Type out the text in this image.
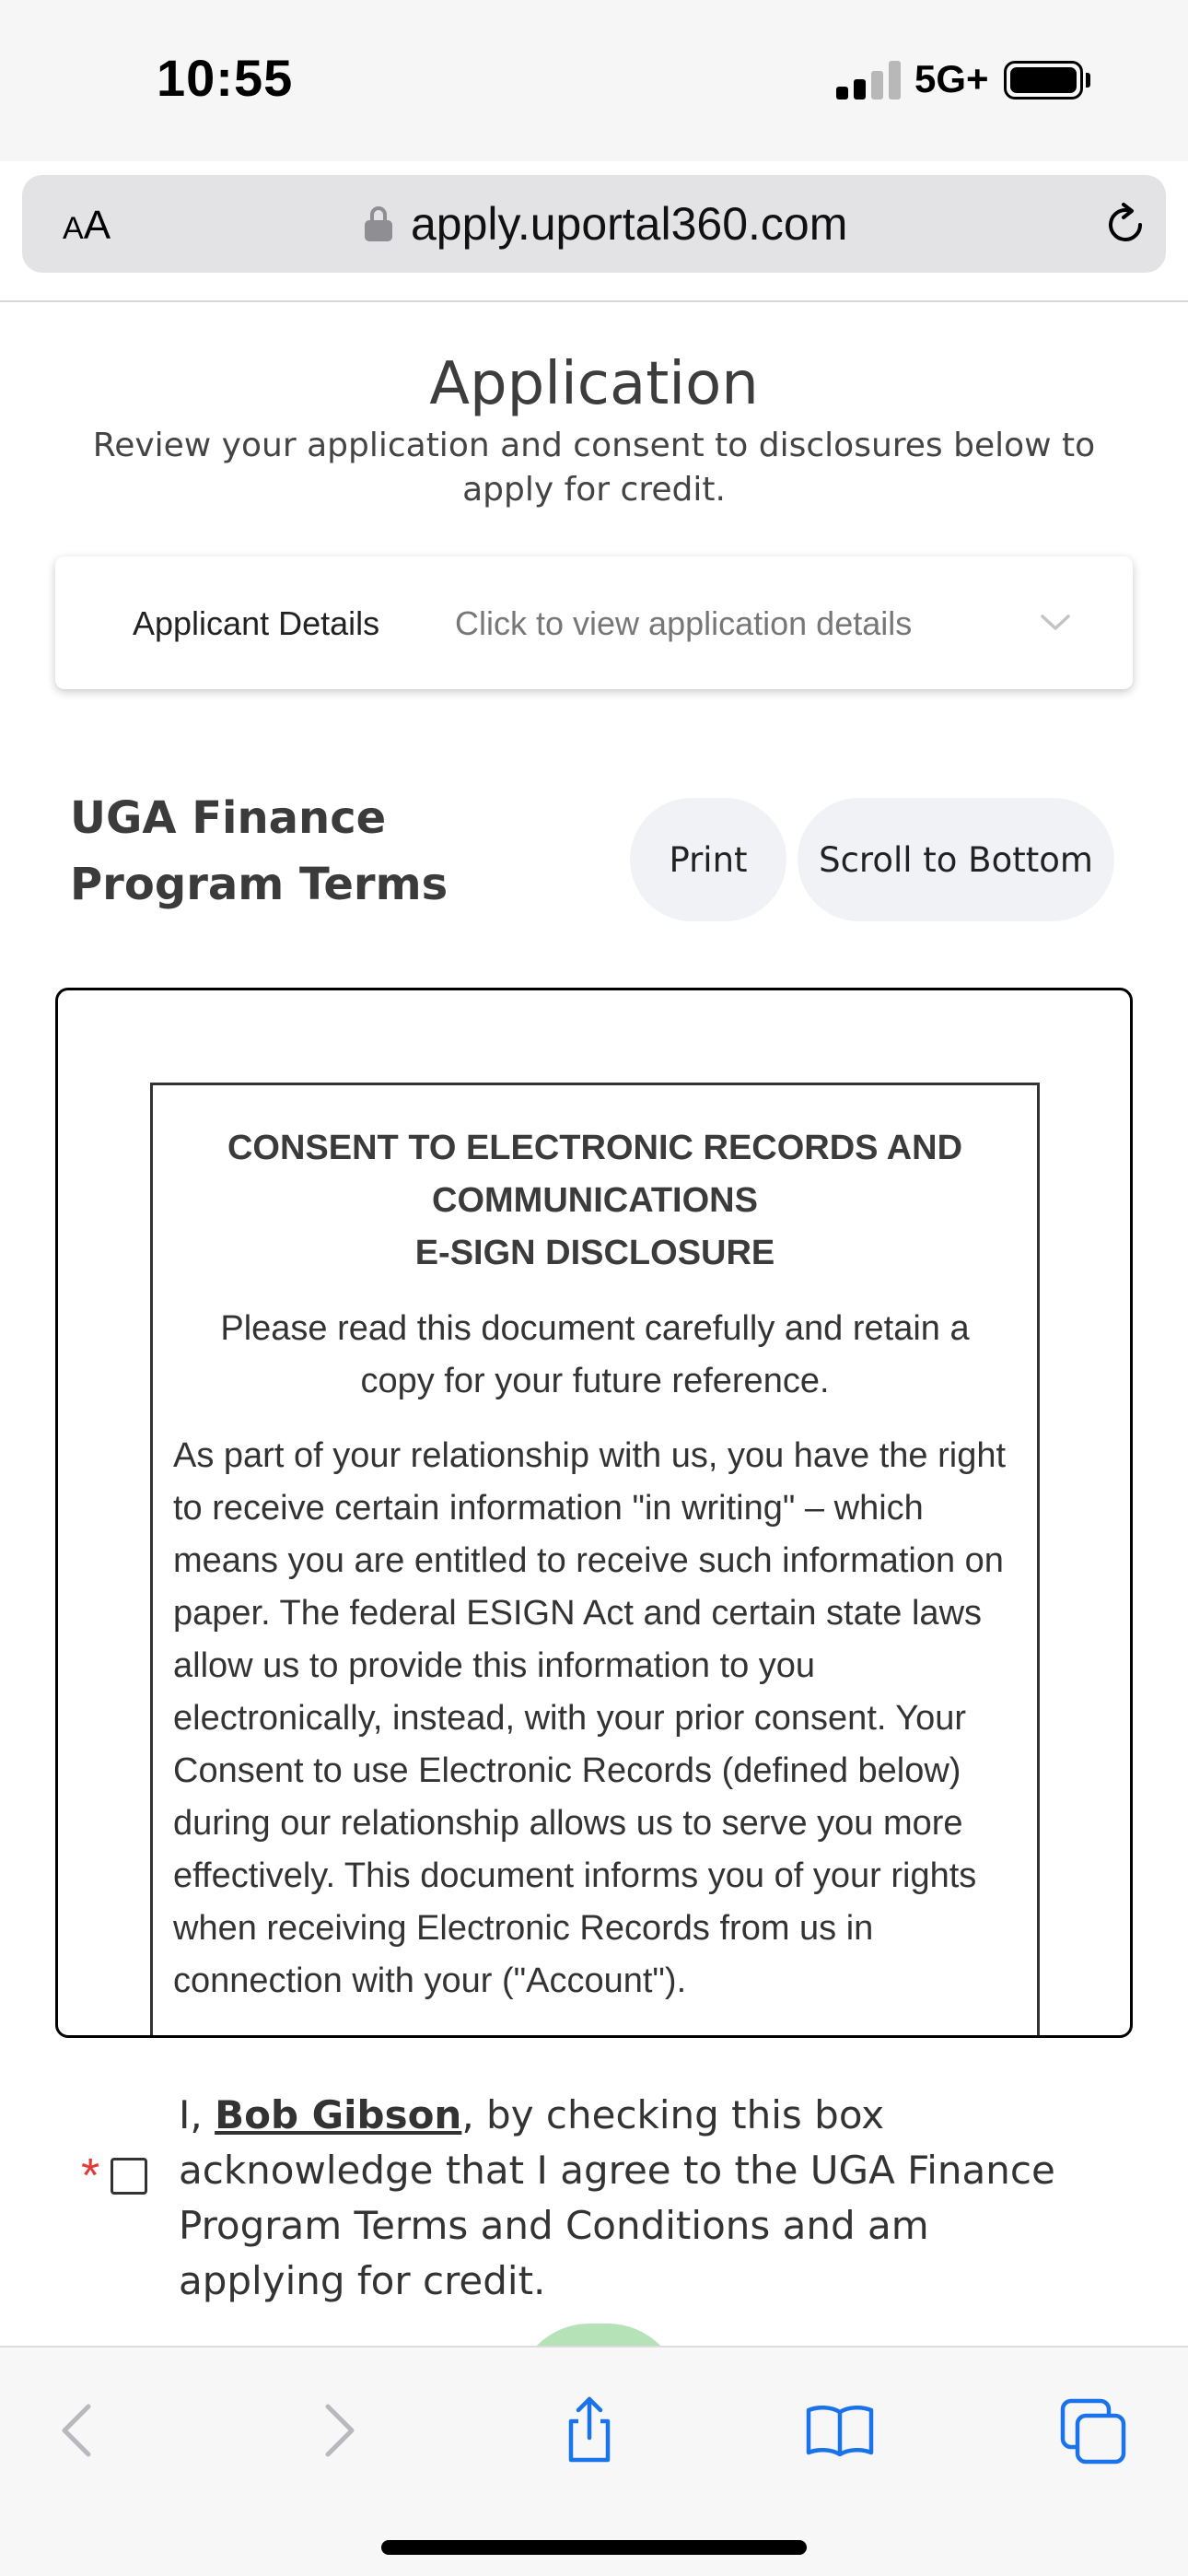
10:55	5G+
AA	apply.uportal360.com
Application
Review your application and consent to disclosures below to apply for credit.
Applicant Details Click to view application details
UGA Finance Program Terms	Print	Scroll to Bottom
CONSENT TO ELECTRONIC RECORDS AND
COMMUNICATIONS
E-SIGN DISCLOSURE
Please read this document carefully and retain a copy for your future reference.
As part of your relationship with us, you have the right to receive certain information "in writing" – which means you are entitled to receive such information on paper. The federal ESIGN Act and certain state laws allow us to provide this information to you electronically, instead, with your prior consent. Your Consent to use Electronic Records (defined below) during our relationship allows us to serve you more effectively. This document informs you of your rights when receiving Electronic Records from us in connection with your ("Account").
*
I, Bob Gibson, by checking this box acknowledge that I agree to the UGA Finance Program Terms and Conditions and am applying for credit.
